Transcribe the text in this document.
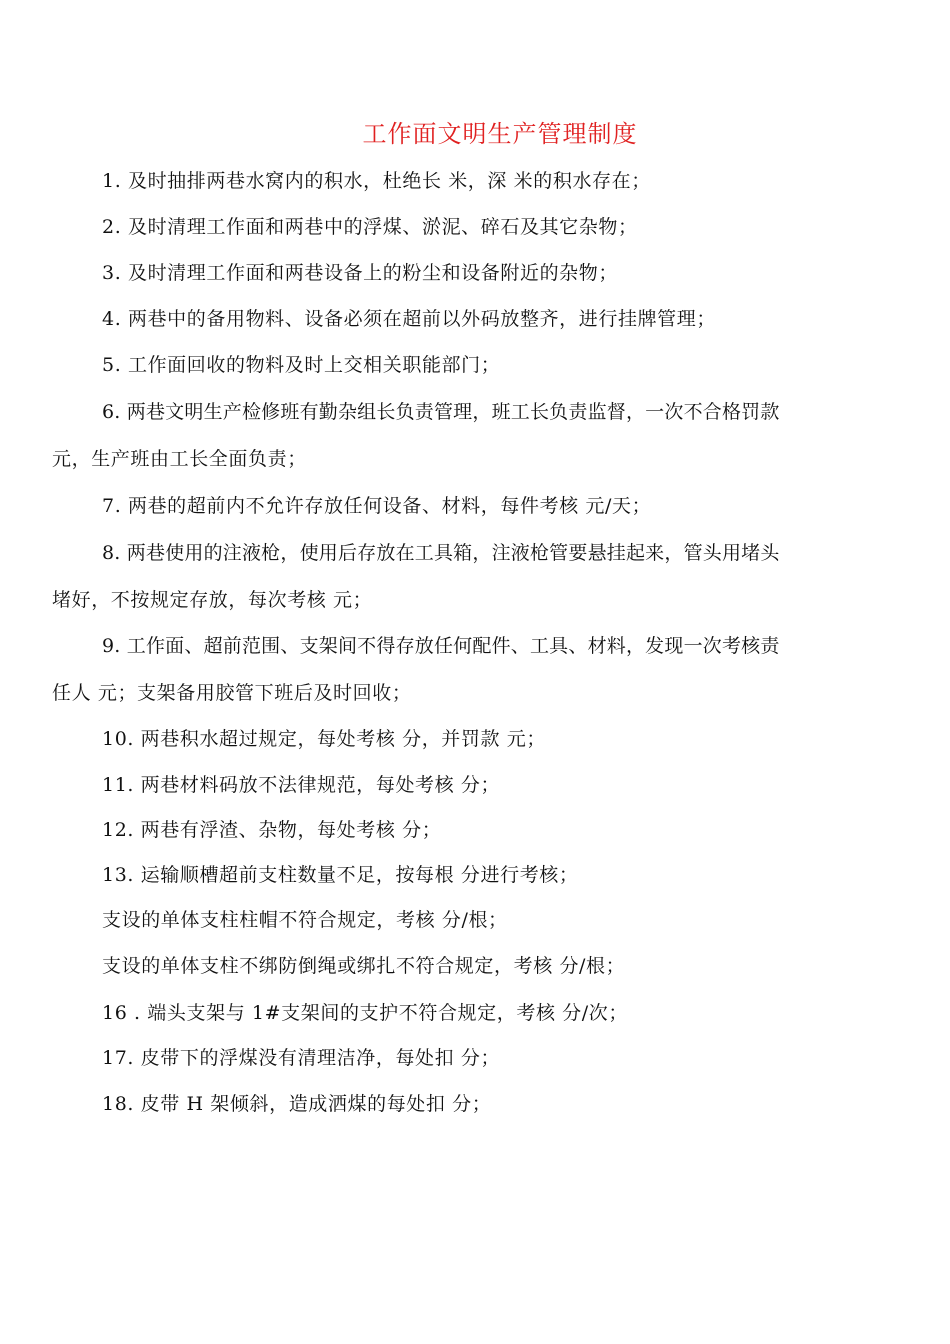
工作面文明生产管理制度
1. 及时抽排两巷水窝内的积水，杜绝长 米，深 米的积水存在；
2. 及时清理工作面和两巷中的浮煤、淤泥、碎石及其它杂物；
3. 及时清理工作面和两巷设备上的粉尘和设备附近的杂物；
4. 两巷中的备用物料、设备必须在超前以外码放整齐，进行挂牌管理；
5. 工作面回收的物料及时上交相关职能部门；
6. 两巷文明生产检修班有勤杂组长负责管理，班工长负责监督，一次不合格罚款
元，生产班由工长全面负责；
7. 两巷的超前内不允许存放任何设备、材料，每件考核 元/天；
8. 两巷使用的注液枪，使用后存放在工具箱，注液枪管要悬挂起来，管头用堵头
堵好，不按规定存放，每次考核 元；
9. 工作面、超前范围、支架间不得存放任何配件、工具、材料，发现一次考核责
任人 元；支架备用胶管下班后及时回收；
10. 两巷积水超过规定，每处考核 分，并罚款 元；
11. 两巷材料码放不法律规范，每处考核 分；
12. 两巷有浮渣、杂物，每处考核 分；
13. 运输顺槽超前支柱数量不足，按每根 分进行考核；
支设的单体支柱柱帽不符合规定，考核 分/根；
支设的单体支柱不绑防倒绳或绑扎不符合规定，考核 分/根；
16 . 端头支架与 1#支架间的支护不符合规定，考核 分/次；
17. 皮带下的浮煤没有清理洁净，每处扣 分；
18. 皮带 H 架倾斜，造成洒煤的每处扣 分；
